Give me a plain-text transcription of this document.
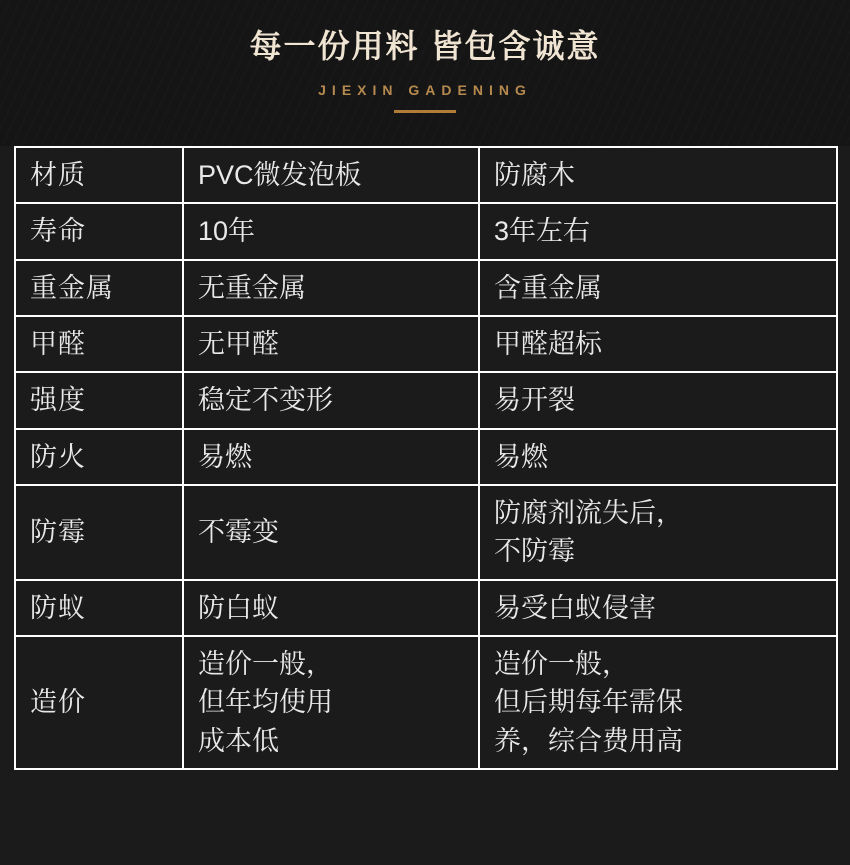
每一份用料 皆包含诚意
JIEXIN GADENING
材质	PVC微发泡板	防腐木
寿命	10年	3年左右

重金属	无重金属	含重金属

甲醛	无甲醛	甲醛超标

强度	稳定不变形	易开裂

防火	易燃	易燃

防霉	不霉变	防腐剂流失后，
不防霉

防蚁	防白蚁	易受白蚁侵害

造价	造价一般，
但年均使用
成本低	造价一般，
但后期每年需保
养，综合费用高
